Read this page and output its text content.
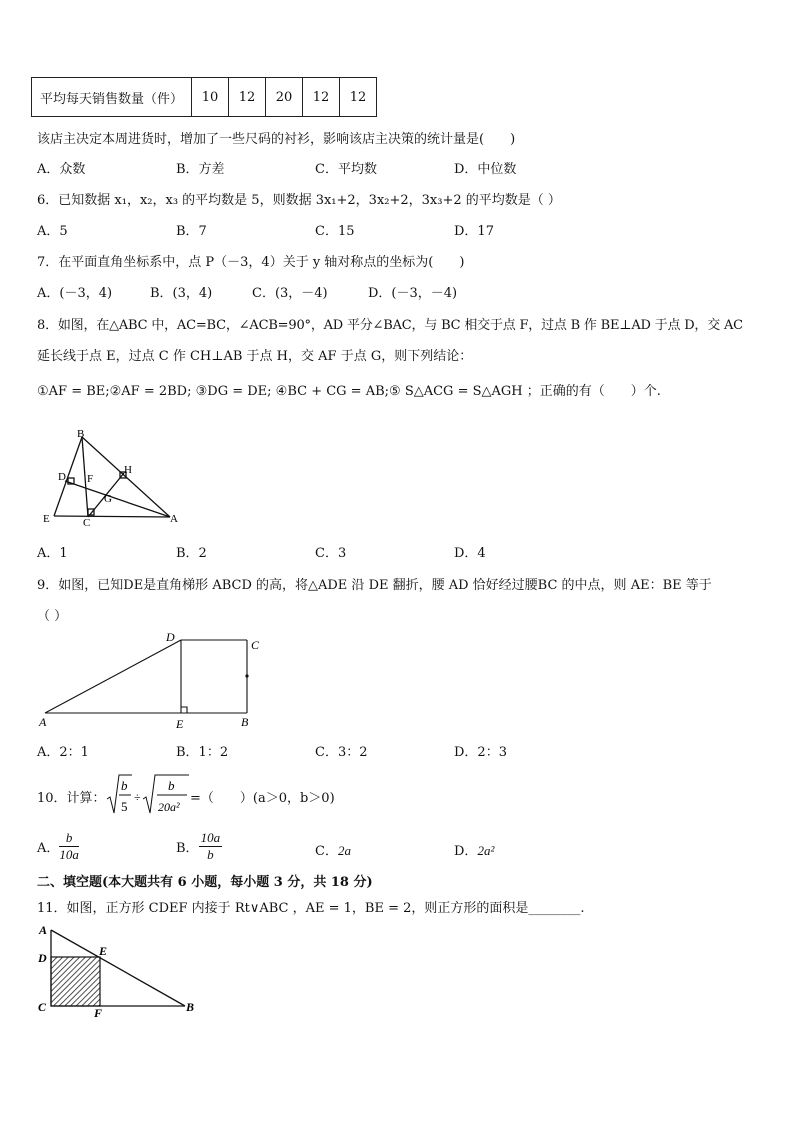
平均每天销售数量（件）	10	12	20	12	12
该店主决定本周进货时，增加了一些尺码的衬衫，影响该店主决策的统计量是(　　)
A．众数	B．方差	C．平均数	D．中位数
6．已知数据 x₁，x₂，x₃ 的平均数是 5，则数据 3x₁+2，3x₂+2，3x₃+2 的平均数是（ ）
A．5	B．7	C．15	D．17
7．在平面直角坐标系中，点 P（－3，4）关于 y 轴对称点的坐标为(　　)
A．(－3，4)	B．(3，4)	C．(3，－4)	D．(－3，－4)
8．如图，在△ABC 中，AC=BC，∠ACB=90°，AD 平分∠BAC，与 BC 相交于点 F，过点 B 作 BE⊥AD 于点 D，交 AC
延长线于点 E，过点 C 作 CH⊥AB 于点 H，交 AF 于点 G，则下列结论：
①AF = BE;②AF = 2BD; ③DG = DE; ④BC + CG = AB;⑤ S△ACG = S△AGH ；正确的有（　　）个.
B
D F
H
G
E	C	A
A．1	B．2	C．3	D．4
9．如图，已知DE是直角梯形 ABCD 的高，将△ADE 沿 DE 翻折，腰 AD 恰好经过腰BC 的中点，则 AE：BE 等于
（ ）
D
C
A	E	B
A．2：1	B．1：2	C．3：2	D．2：3
10．计算：
b
5
÷
b
20a²
=（　　）(a＞0，b＞0)
A． $\frac{b}{10a}$	B． $\frac{10a}{b}$	C．2a	D．2a²
二、填空题(本大题共有 6 小题，每小题 3 分，共 18 分)
11．如图，正方形 CDEF 内接于 Rt∨ABC ，AE = 1，BE = 2，则正方形的面积是________.
A
E
D
C	F	B
